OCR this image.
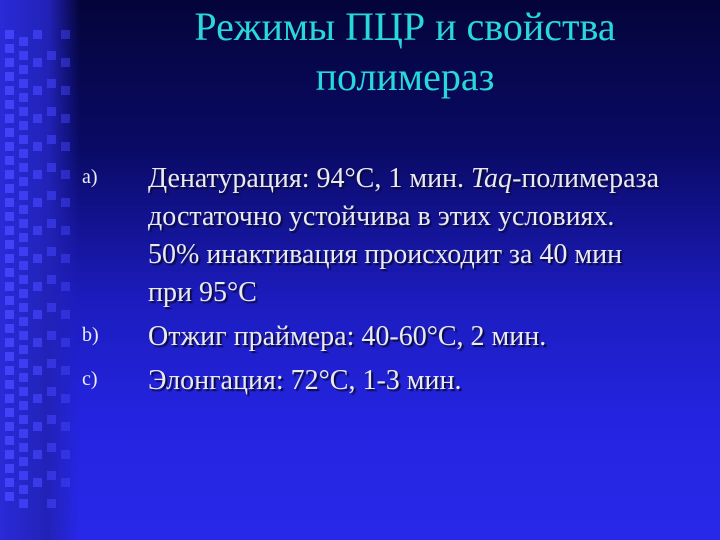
Режимы ПЦР и свойства
полимераз
a)	Денатурация: 94°С, 1 мин. Taq-полимераза достаточно устойчива в этих условиях. 50% инактивация происходит за 40 мин при 95°С
b)	Отжиг праймера: 40-60°С, 2 мин.
c)	Элонгация: 72°С, 1-3 мин.
